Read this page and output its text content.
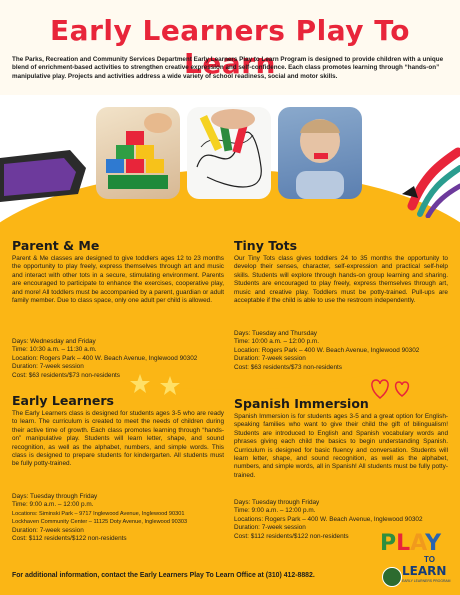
Early Learners Play To Learn
The Parks, Recreation and Community Services Department Early Learners Play to Learn Program is designed to provide children with a unique blend of enrichment-based activities to strengthen creative expression and self-confidence. Each class promotes learning through “hands-on” manipulative play. Projects and activities address a wide variety of school readiness, social and motor skills.
Parent & Me
Parent & Me classes are designed to give toddlers ages 12 to 23 months the opportunity to play freely, express themselves through art and music and interact with other tots in a secure, stimulating environment. Parents are encouraged to participate to enhance the exercises, cooperative play, and more! All toddlers must be accompanied by a parent, guardian or adult family member. Due to class space, only one adult per child is allowed.
Days: Wednesday and Friday
Time: 10:30 a.m. – 11:30 a.m.
Location: Rogers Park – 400 W. Beach Avenue, Inglewood 90302
Duration: 7-week session
Cost: $63 residents/$73 non-residents
Tiny Tots
Our Tiny Tots class gives toddlers 24 to 35 months the opportunity to develop their senses, character, self-expression and practical self-help skills. Students will explore through hands-on group learning and sharing. Students are encouraged to play freely, express themselves through art, music and creative play. Toddlers must be potty-trained. Pull-ups are acceptable if the child is able to use the restroom independently.
Days: Tuesday and Thursday
Time: 10:00 a.m. – 12:00 p.m.
Location: Rogers Park – 400 W. Beach Avenue, Inglewood 90302
Duration: 7-week session
Cost: $63 residents/$73 non-residents
Early Learners
The Early Learners class is designed for students ages 3-5 who are ready to learn. The curriculum is created to meet the needs of children during their active time of growth. Each class promotes learning through “hands-on” manipulative play. Students will learn letter, shape, and sound recognition, as well as the alphabet, numbers, and simple words. This class is designed to prepare students for kindergarten. All students must be fully potty-trained.
Days: Tuesday through Friday
Time: 9:00 a.m. – 12:00 p.m.
Locations: Siminski Park – 9717 Inglewood Avenue, Inglewood 90301
Lockhaven Community Center – 11125 Doty Avenue, Inglewood 90303
Duration: 7-week session
Cost: $112 residents/$122 non-residents
Spanish Immersion
Spanish Immersion is for students ages 3-5 and a great option for English-speaking families who want to give their child the gift of bilingualism! Students are introduced to English and Spanish vocabulary words and phrases giving each child the basics to begin understanding Spanish. Curriculum is designed for basic fluency and conversation. Students will learn letter, shape, and sound recognition, as well as the alphabet, numbers, and simple words, all in Spanish! All students must be fully potty-trained.
Days: Tuesday through Friday
Time: 9:00 a.m. – 12:00 p.m.
Locations: Rogers Park – 400 W. Beach Avenue, Inglewood 90302
Duration: 7-week session
Cost: $112 residents/$122 non-residents
For additional information, contact the Early Learners Play To Learn Office at (310) 412-8882.
PLAY
TO
LEARN
EARLY LEARNERS PROGRAM
